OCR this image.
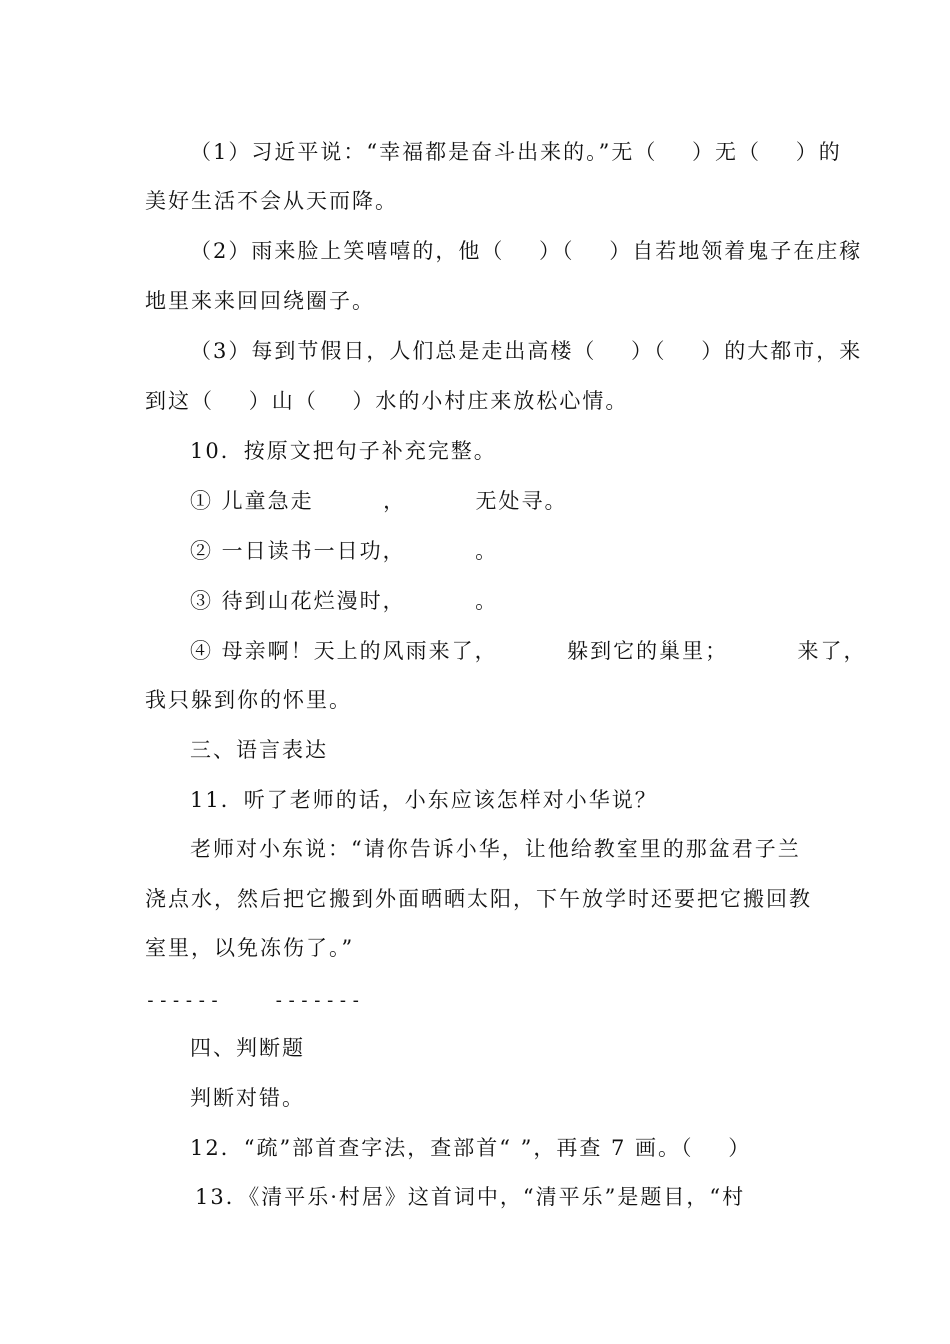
（1）习近平说：“幸福都是奋斗出来的。”无（    ）无（    ）的
美好生活不会从天而降。
（2）雨来脸上笑嘻嘻的，他（    ）（    ）自若地领着鬼子在庄稼
地里来来回回绕圈子。
（3）每到节假日，人们总是走出高楼（    ）（    ）的大都市，来
到这（    ）山（    ）水的小村庄来放松心情。
10．按原文把句子补充完整。
① 儿童急走        ，        无处寻。
② 一日读书一日功，        。
③ 待到山花烂漫时，        。
④ 母亲啊！天上的风雨来了，        躲到它的巢里；        来了，
我只躲到你的怀里。
三、语言表达
11．听了老师的话，小东应该怎样对小华说？
老师对小东说：“请你告诉小华，让他给教室里的那盆君子兰
浇点水，然后把它搬到外面晒晒太阳，下午放学时还要把它搬回教
室里，以免冻伤了。”
------    -------
四、判断题
判断对错。
12．“疏”部首查字法，查部首“ ”，再查 7 画。（    ）
13．《清平乐·村居》这首词中，“清平乐”是题目，“村
